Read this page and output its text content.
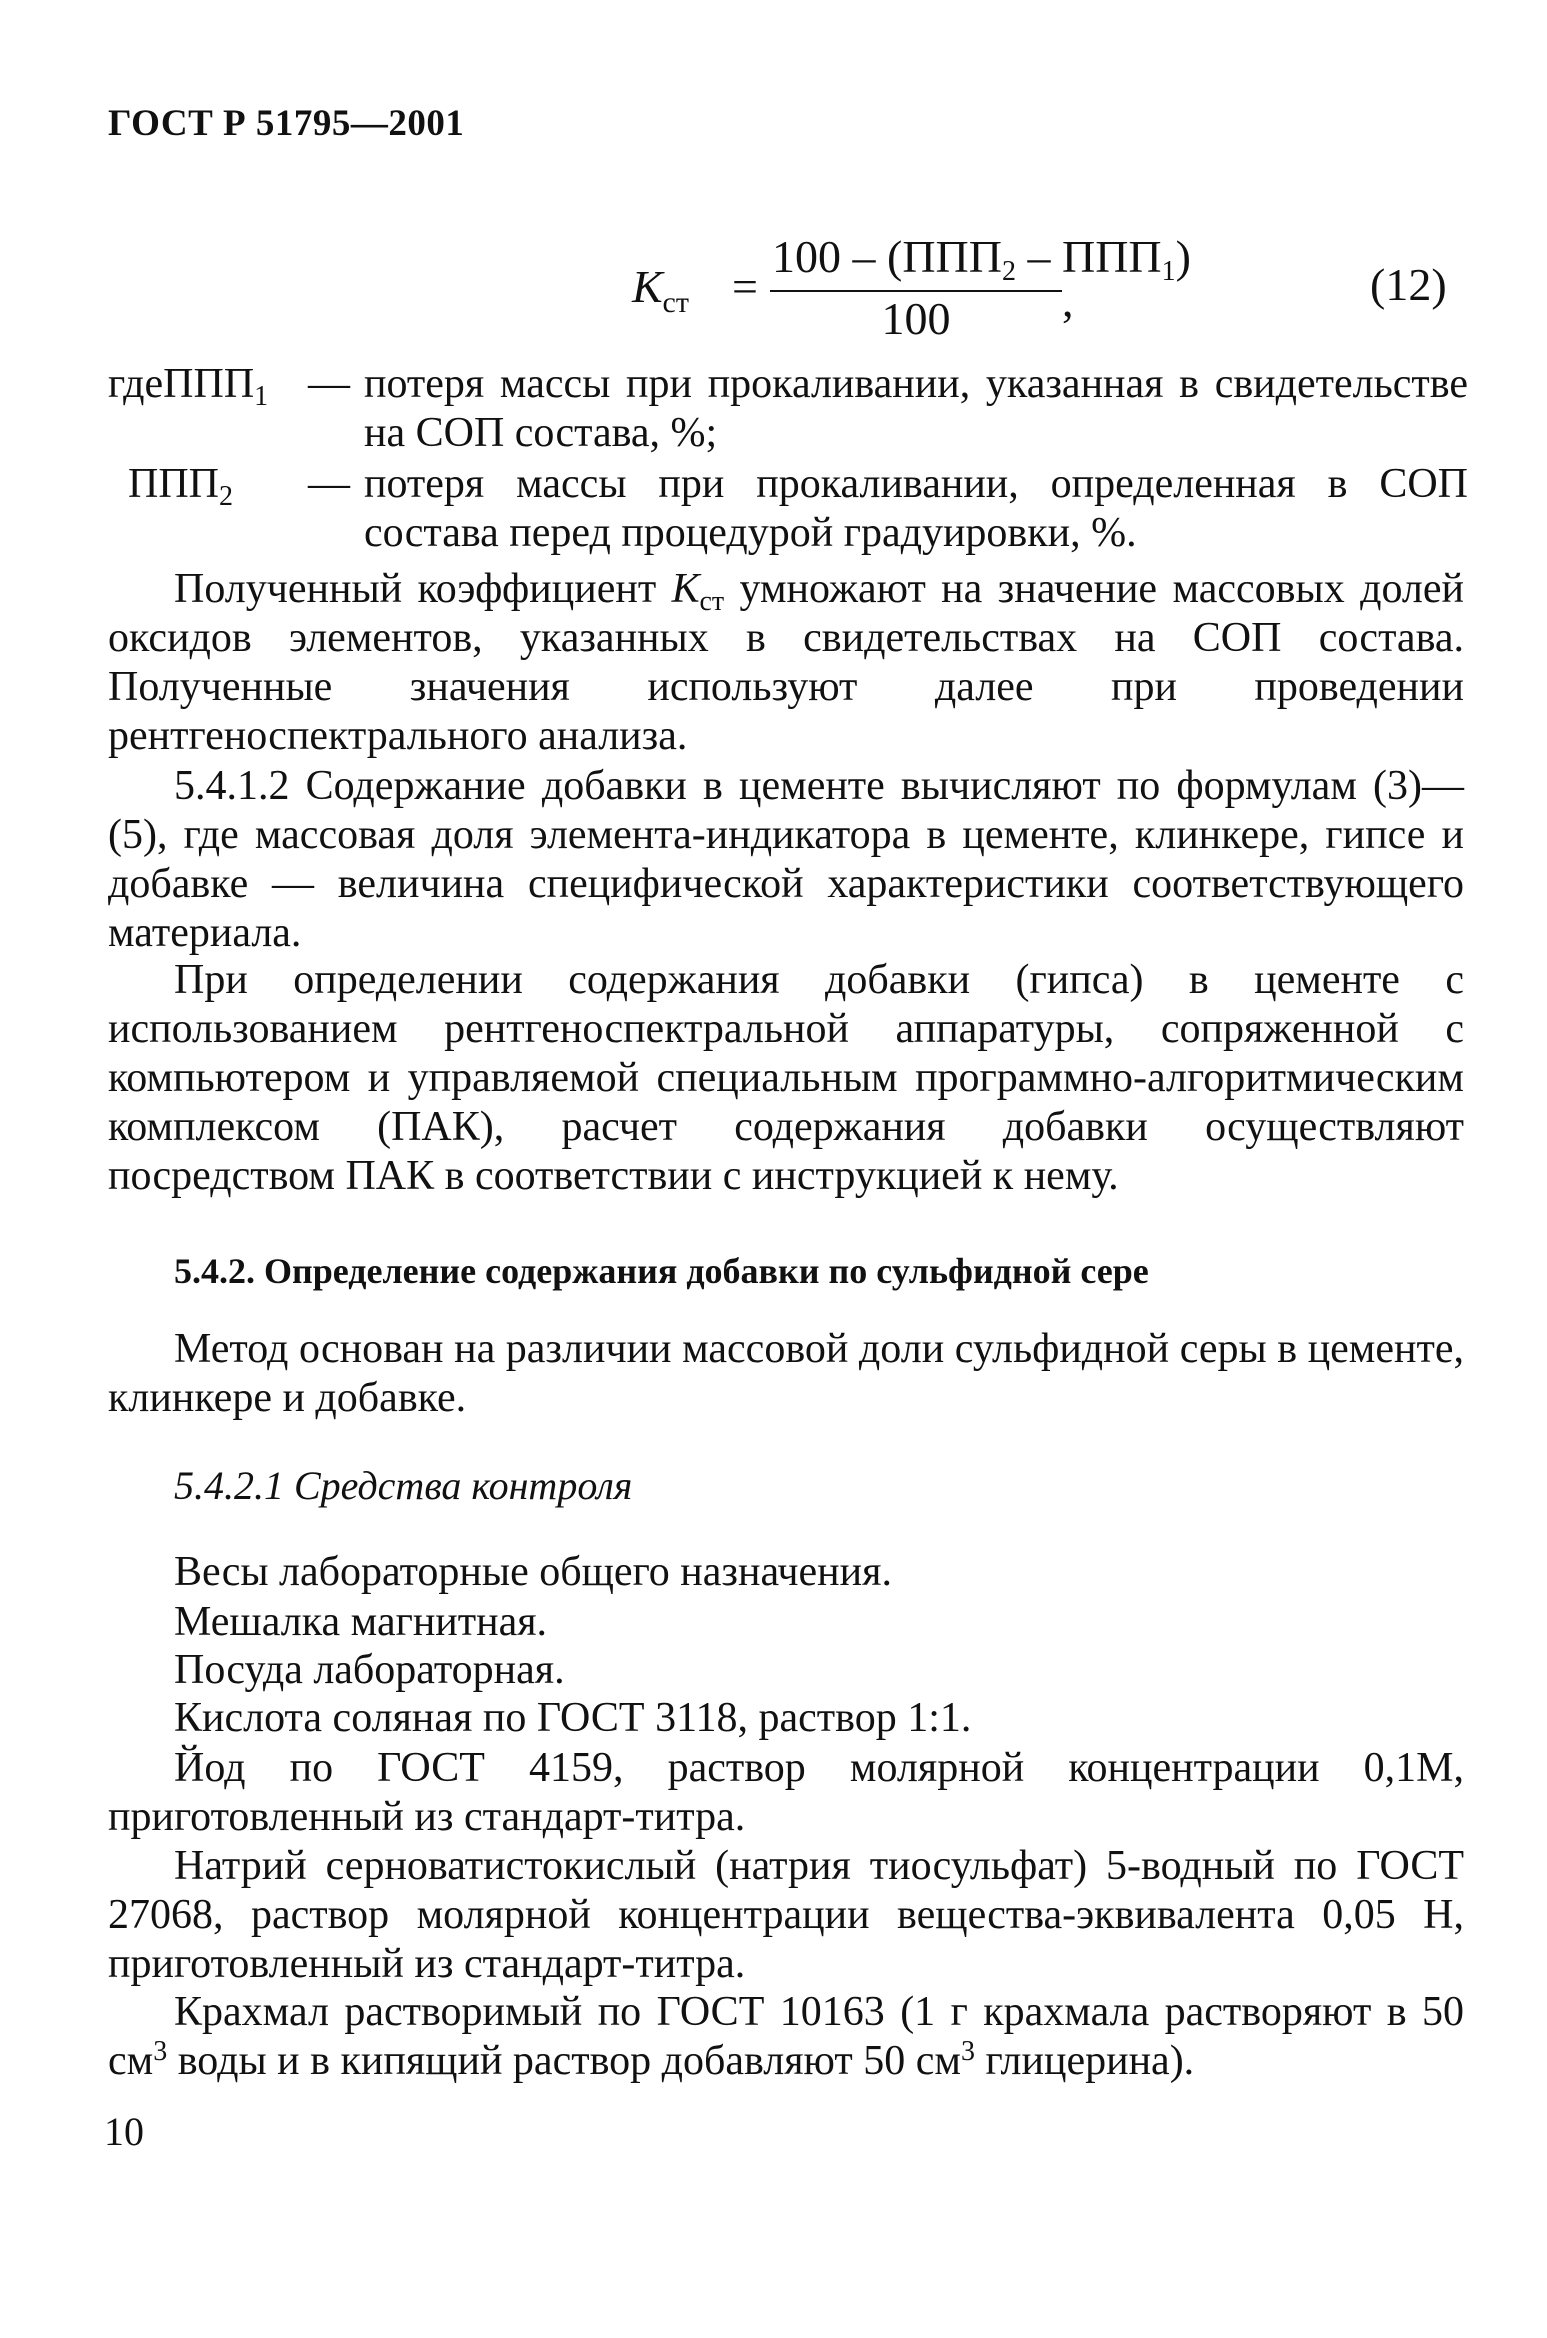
ГОСТ Р 51795—2001
$К_{ст}$ =
$100 - (ППП_2 - ППП_1)$
100	,	(12)
гдеППП$_1$ — потеря массы при прокаливании, указанная в свидетельстве на СОП состава, %;
$ППП_2$ — потеря массы при прокаливании, определенная в СОП состава перед процедурой градуировки, %.
Полученный коэффициент $К_{ст}$ умножают на значение массовых долей оксидов элементов, указанных в свидетельствах на СОП состава. Полученные значения используют далее при проведении рентгеноспектрального анализа.
5.4.1.2 Содержание добавки в цементе вычисляют по формулам (3)—(5), где массовая доля элемента-индикатора в цементе, клинкере, гипсе и добавке — величина специфической характеристики соответствующего материала.
При определении содержания добавки (гипса) в цементе с использованием рентгеноспектральной аппаратуры, сопряженной с компьютером и управляемой специальным программно-алгоритмическим комплексом (ПАК), расчет содержания добавки осуществляют посредством ПАК в соответствии с инструкцией к нему.
5.4.2. Определение содержания добавки по сульфидной сере
Метод основан на различии массовой доли сульфидной серы в цементе, клинкере и добавке.
5.4.2.1 Средства контроля
Весы лабораторные общего назначения.
Мешалка магнитная.
Посуда лабораторная.
Кислота соляная по ГОСТ 3118, раствор 1:1.
Йод по ГОСТ 4159, раствор молярной концентрации 0,1М, приготовленный из стандарт-титра.
Натрий серноватистокислый (натрия тиосульфат) 5-водный по ГОСТ 27068, раствор молярной концентрации вещества-эквивалента 0,05 Н, приготовленный из стандарт-титра.
Крахмал растворимый по ГОСТ 10163 (1 г крахмала растворяют в 50 $см^3$ воды и в кипящий раствор добавляют 50 $см^3$ глицерина).
10
